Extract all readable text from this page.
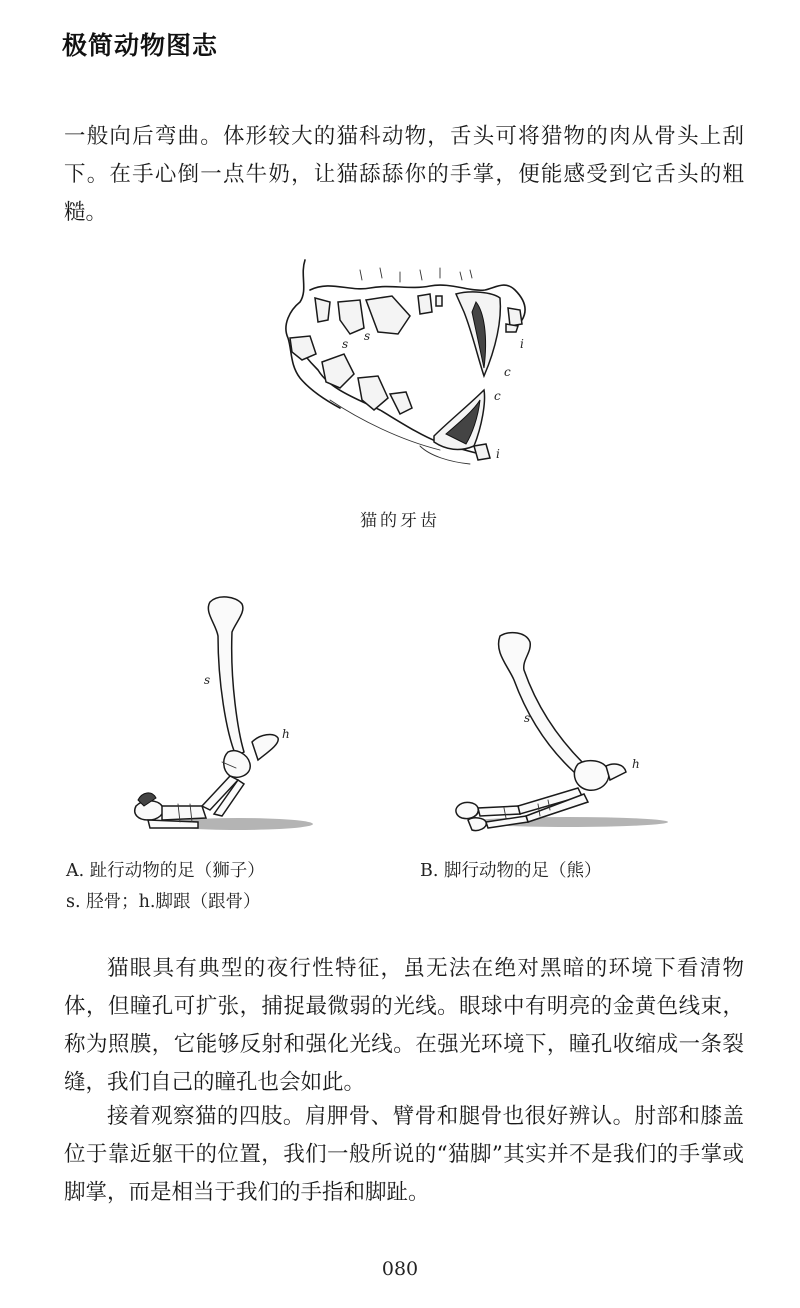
极简动物图志

一般向后弯曲。体形较大的猫科动物，舌头可将猎物的肉从骨头上刮下。在手心倒一点牛奶，让猫舔舔你的手掌，便能感受到它舌头的粗糙。

s
s
c
c
i
i
猫的牙齿
s
h
s
h
A. 趾行动物的足（狮子）
s. 胫骨；h.脚跟（跟骨）
B. 脚行动物的足（熊）

猫眼具有典型的夜行性特征，虽无法在绝对黑暗的环境下看清物体，但瞳孔可扩张，捕捉最微弱的光线。眼球中有明亮的金黄色线束，称为照膜，它能够反射和强化光线。在强光环境下，瞳孔收缩成一条裂缝，我们自己的瞳孔也会如此。

接着观察猫的四肢。肩胛骨、臂骨和腿骨也很好辨认。肘部和膝盖位于靠近躯干的位置，我们一般所说的“猫脚”其实并不是我们的手掌或脚掌，而是相当于我们的手指和脚趾。

080
